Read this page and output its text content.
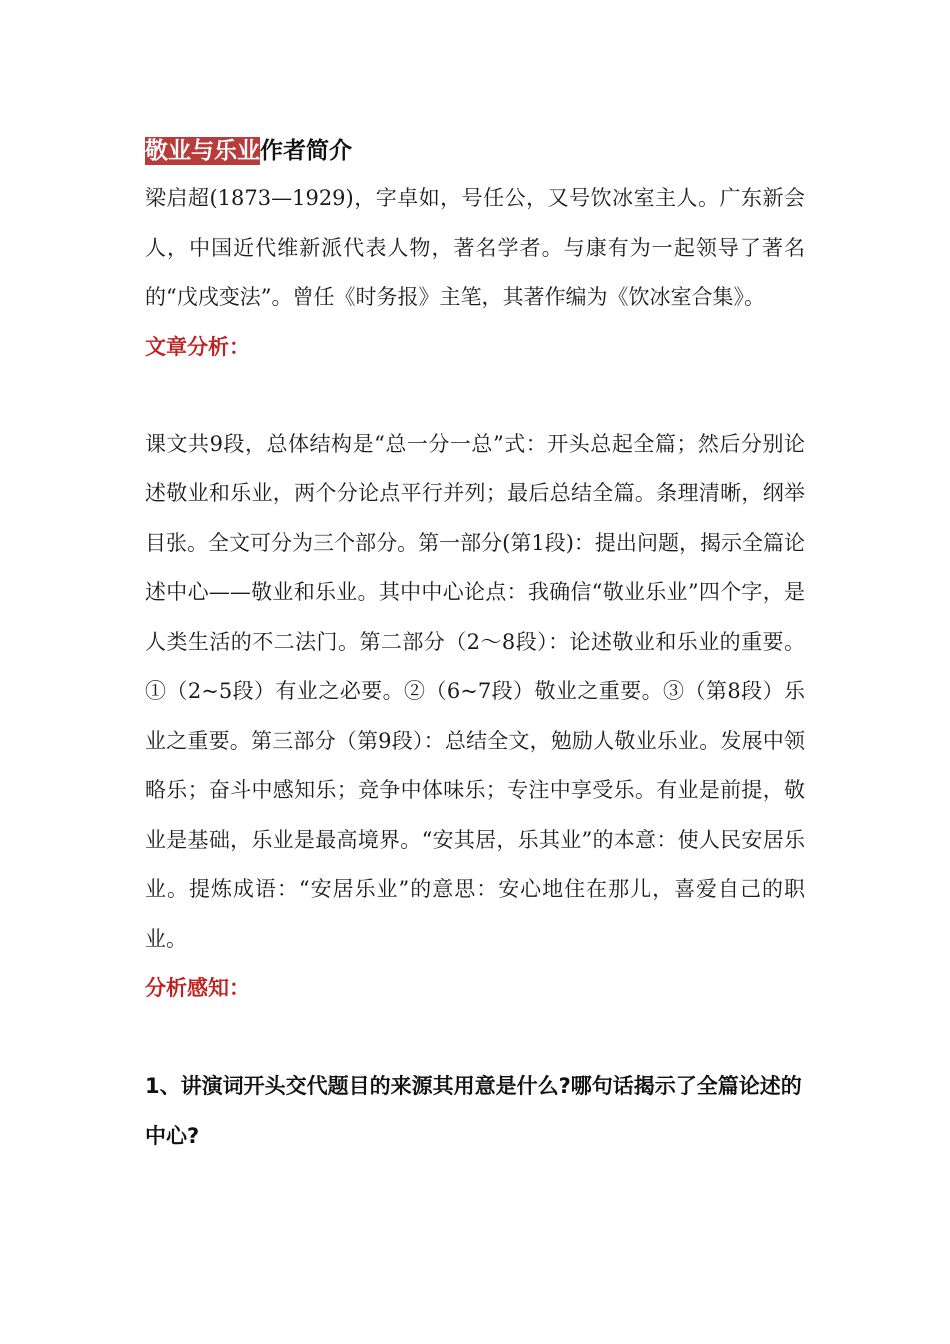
敬业与乐业作者简介

梁启超(1873—1929)，字卓如，号任公，又号饮冰室主人。广东新会人，中国近代维新派代表人物，著名学者。与康有为一起领导了著名的“戊戌变法”。曾任《时务报》主笔，其著作编为《饮冰室合集》。

文章分析：

课文共9段，总体结构是“总一分一总”式：开头总起全篇；然后分别论述敬业和乐业，两个分论点平行并列；最后总结全篇。条理清晰，纲举目张。全文可分为三个部分。第一部分(第1段)：提出问题，揭示全篇论述中心——敬业和乐业。其中中心论点：我确信“敬业乐业”四个字，是人类生活的不二法门。第二部分（2～8段）：论述敬业和乐业的重要。①（2~5段）有业之必要。②（6~7段）敬业之重要。③（第8段）乐业之重要。第三部分（第9段）：总结全文，勉励人敬业乐业。发展中领略乐；奋斗中感知乐；竞争中体味乐；专注中享受乐。有业是前提，敬业是基础，乐业是最高境界。“安其居，乐其业”的本意：使人民安居乐业。提炼成语：“安居乐业”的意思：安心地住在那儿，喜爱自己的职业。

分析感知：

1、讲演词开头交代题目的来源其用意是什么?哪句话揭示了全篇论述的中心?
